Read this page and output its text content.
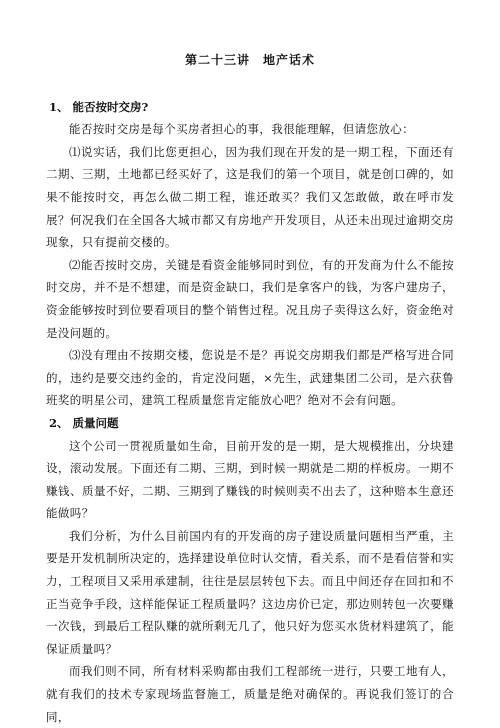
第二十三讲　地产话术

1、 能否按时交房?

能否按时交房是每个买房者担心的事，我很能理解，但请您放心：

⑴说实话，我们比您更担心，因为我们现在开发的是一期工程，下面还有二期、三期，土地都已经买好了，这是我们的第一个项目，就是创口碑的，如果不能按时交，再怎么做二期工程，谁还敢买？我们又怎敢做，敢在呼市发展？何况我们在全国各大城市都又有房地产开发项目，从还未出现过逾期交房现象，只有提前交楼的。

⑵能否按时交房，关键是看资金能够同时到位，有的开发商为什么不能按时交房，并不是不想建，而是资金缺口，我们是拿客户的钱，为客户建房子，资金能够按时到位要看项目的整个销售过程。况且房子卖得这么好，资金绝对是没问题的。

⑶没有理由不按期交楼，您说是不是？再说交房期我们都是严格写进合同的，违约是要交违约金的，肯定没问题，×先生，武建集团二公司，是六获鲁班奖的明星公司，建筑工程质量您肯定能放心吧？绝对不会有问题。

2、 质量问题

这个公司一贯视质量如生命，目前开发的是一期，是大规模推出，分块建设，滚动发展。下面还有二期、三期，到时候一期就是二期的样板房。一期不赚钱、质量不好，二期、三期到了赚钱的时候则卖不出去了，这种赔本生意还能做吗？

我们分析，为什么目前国内有的开发商的房子建设质量问题相当严重，主要是开发机制所决定的，选择建设单位时认交情，看关系，而不是看信誉和实力，工程项目又采用承建制，往往是层层转包下去。而且中间还存在回扣和不正当竞争手段，这样能保证工程质量吗？这边房价已定，那边则转包一次要赚一次钱，到最后工程队赚的就所剩无几了，他只好为您买水货材料建筑了，能保证质量吗？

而我们则不同，所有材料采购都由我们工程部统一进行，只要工地有人，就有我们的技术专家现场监督施工，质量是绝对确保的。再说我们签订的合同，
